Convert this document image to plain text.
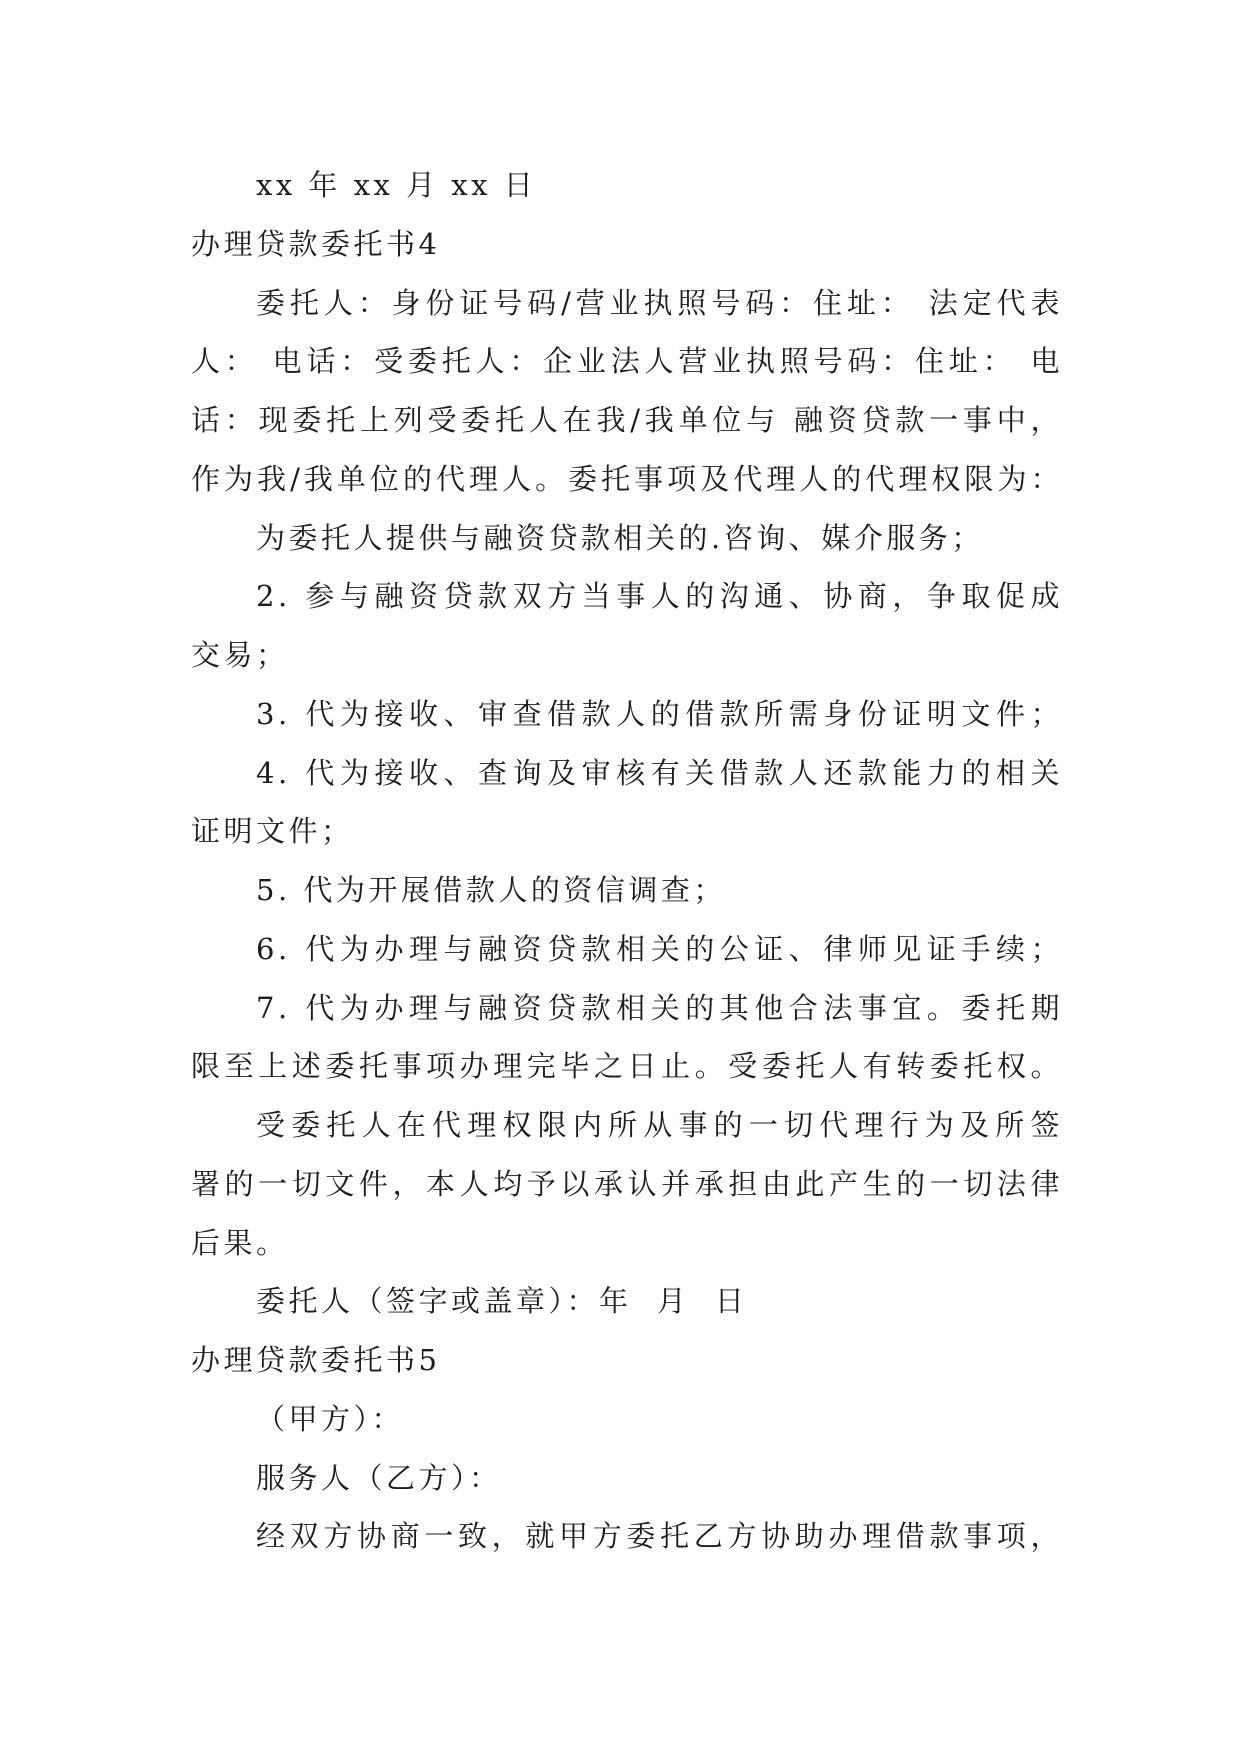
xx 年 xx 月 xx 日
办理贷款委托书4
委托人：身份证号码/营业执照号码：住址： 法定代表
人： 电话：受委托人：企业法人营业执照号码：住址： 电
话：现委托上列受委托人在我/我单位与 融资贷款一事中，
作为我/我单位的代理人。委托事项及代理人的代理权限为：
为委托人提供与融资贷款相关的.咨询、媒介服务；
2. 参与融资贷款双方当事人的沟通、协商，争取促成
交易；
3. 代为接收、审查借款人的借款所需身份证明文件；
4. 代为接收、查询及审核有关借款人还款能力的相关
证明文件；
5. 代为开展借款人的资信调查；
6. 代为办理与融资贷款相关的公证、律师见证手续；
7. 代为办理与融资贷款相关的其他合法事宜。委托期
限至上述委托事项办理完毕之日止。受委托人有转委托权。
受委托人在代理权限内所从事的一切代理行为及所签
署的一切文件，本人均予以承认并承担由此产生的一切法律
后果。
委托人（签字或盖章）：年  月  日
办理贷款委托书5
（甲方）：
服务人（乙方）：
经双方协商一致，就甲方委托乙方协助办理借款事项，
